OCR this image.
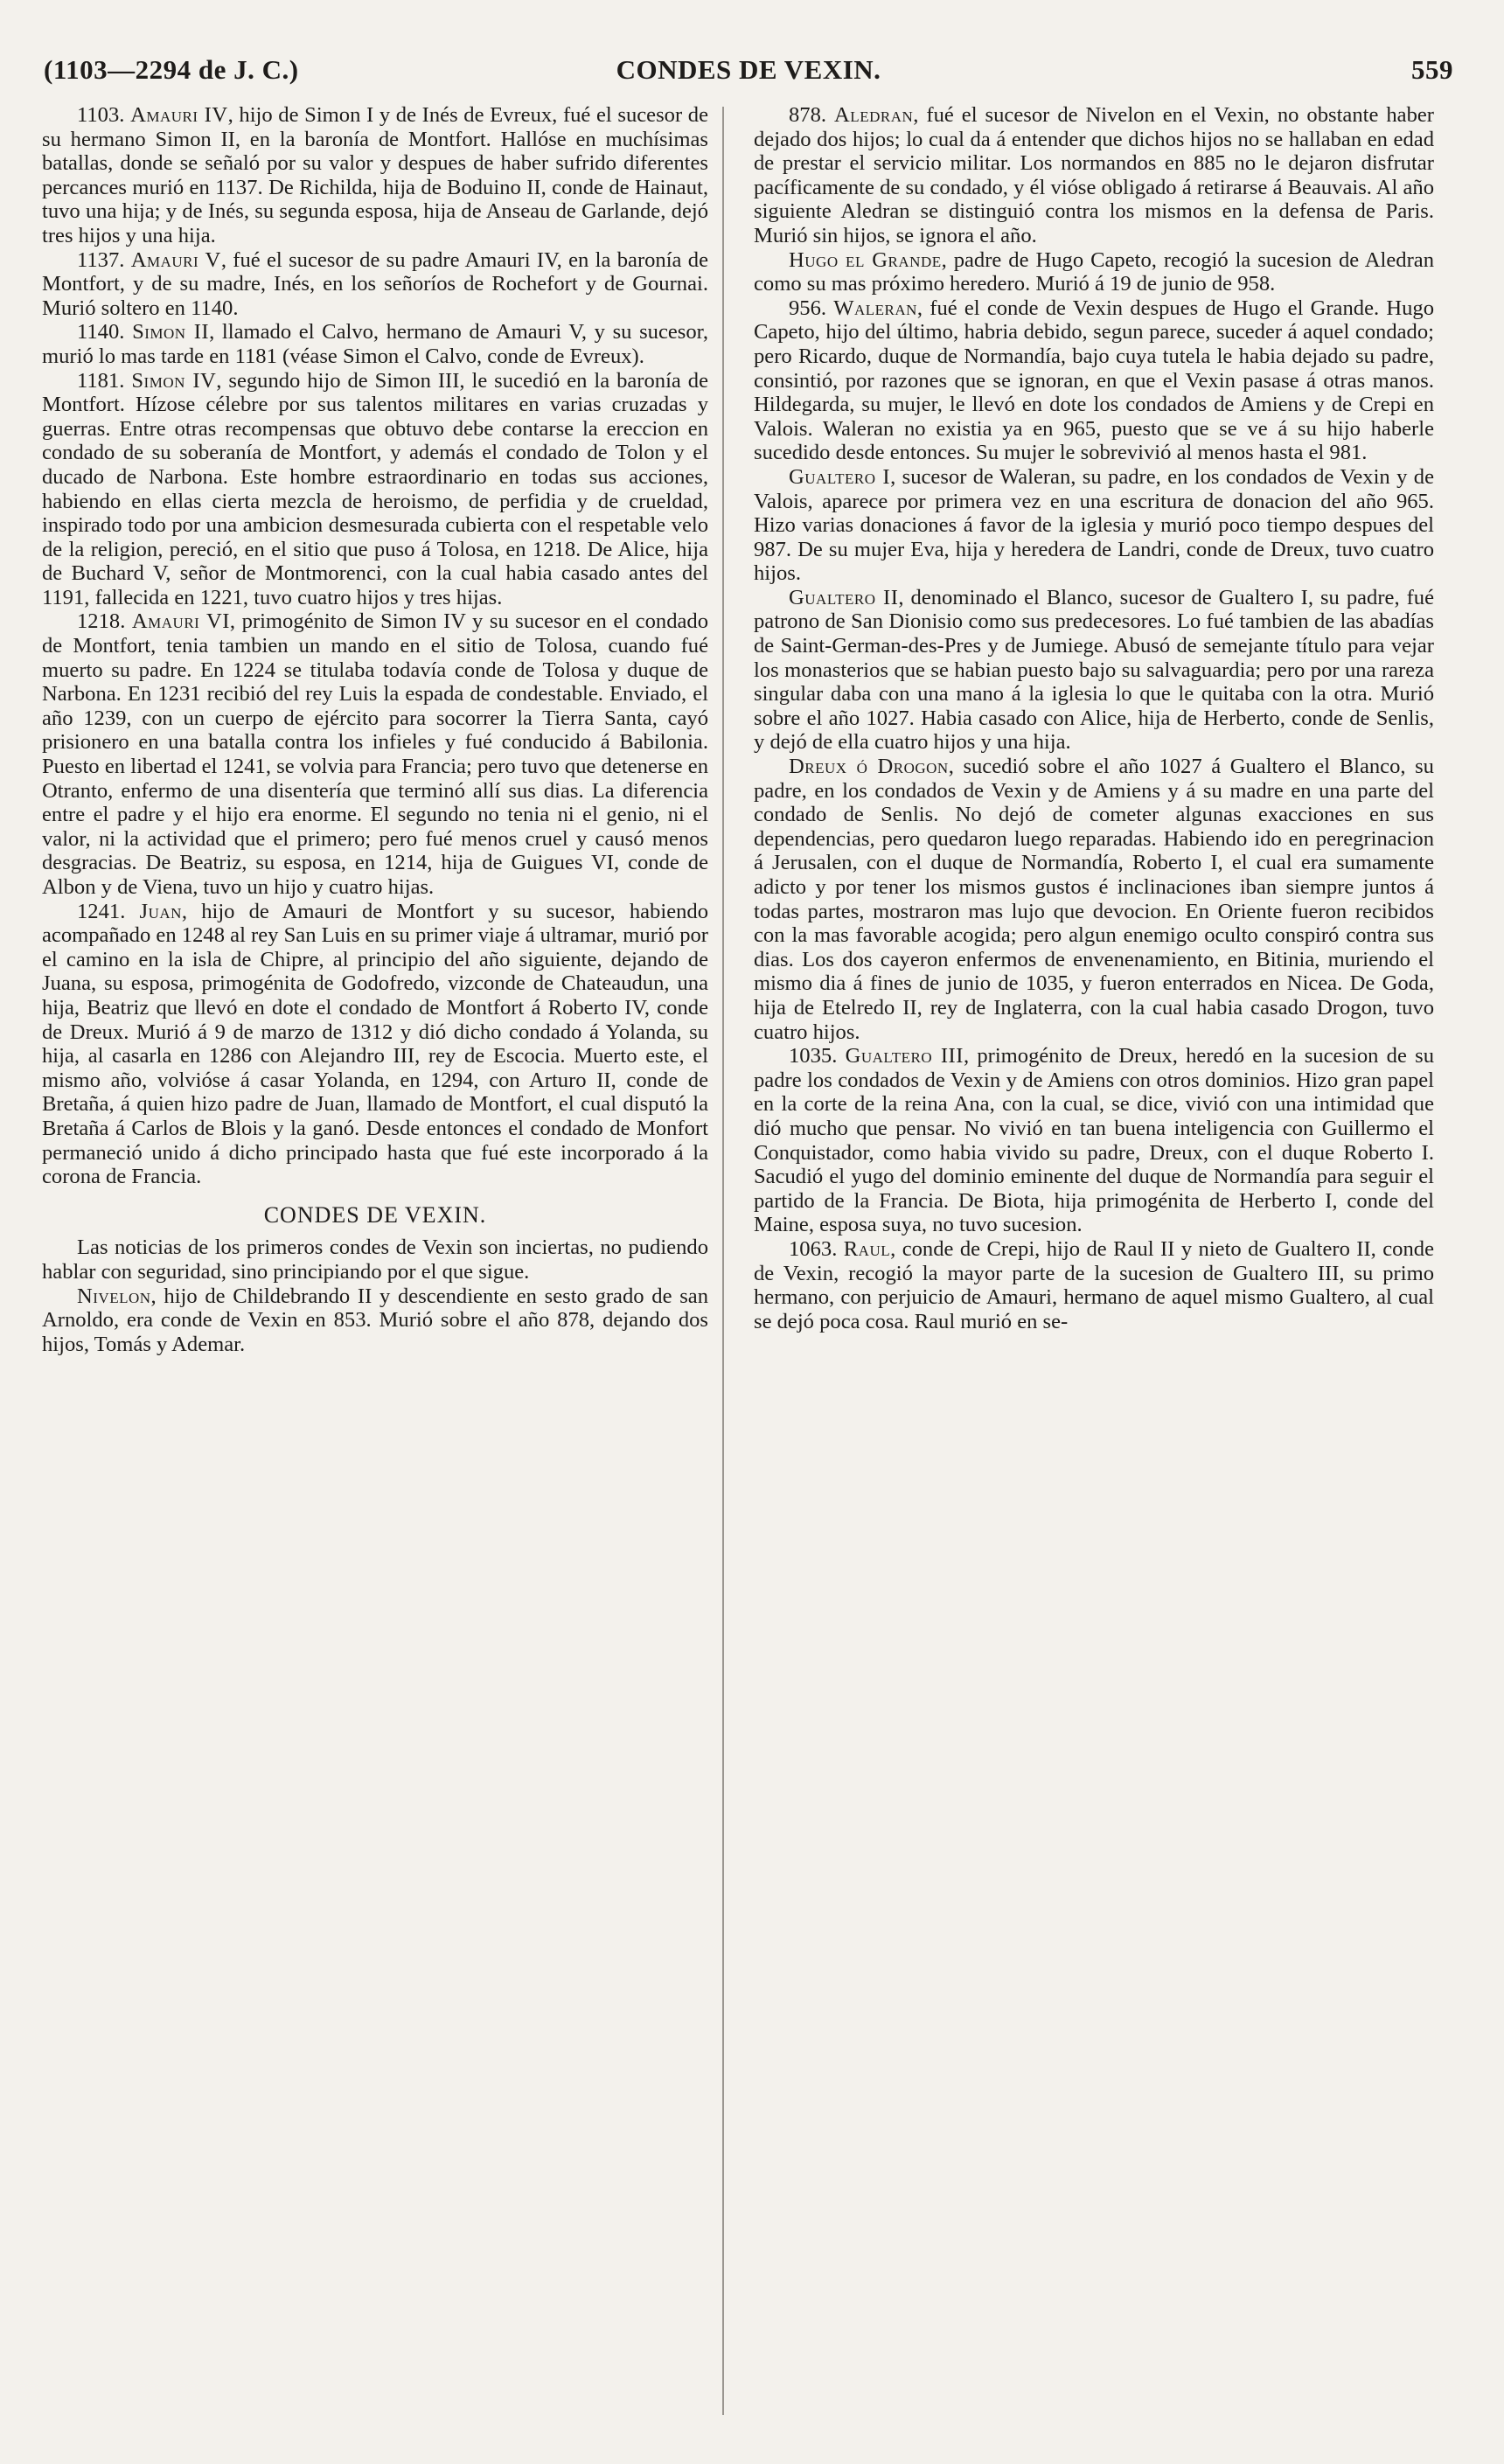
(1103—2294 de J. C.)	CONDES DE VEXIN.	559

1103. Amauri IV, hijo de Simon I y de Inés de Evreux, fué el sucesor de su hermano Simon II, en la baronía de Montfort. Hallóse en muchísimas batallas, donde se señaló por su valor y despues de haber sufrido diferentes percances murió en 1137. De Richilda, hija de Boduino II, conde de Hainaut, tuvo una hija; y de Inés, su segunda esposa, hija de Anseau de Garlande, dejó tres hijos y una hija.

1137. Amauri V, fué el sucesor de su padre Amauri IV, en la baronía de Montfort, y de su madre, Inés, en los señoríos de Rochefort y de Gournai. Murió soltero en 1140.

1140. Simon II, llamado el Calvo, hermano de Amauri V, y su sucesor, murió lo mas tarde en 1181 (véase Simon el Calvo, conde de Evreux).

1181. Simon IV, segundo hijo de Simon III, le sucedió en la baronía de Montfort. Hízose célebre por sus talentos militares en varias cruzadas y guerras. Entre otras recompensas que obtuvo debe contarse la ereccion en condado de su soberanía de Montfort, y además el condado de Tolon y el ducado de Narbona. Este hombre estraordinario en todas sus acciones, habiendo en ellas cierta mezcla de heroismo, de perfidia y de crueldad, inspirado todo por una ambicion desmesurada cubierta con el respetable velo de la religion, pereció, en el sitio que puso á Tolosa, en 1218. De Alice, hija de Buchard V, señor de Montmorenci, con la cual habia casado antes del 1191, fallecida en 1221, tuvo cuatro hijos y tres hijas.

1218. Amauri VI, primogénito de Simon IV y su sucesor en el condado de Montfort, tenia tambien un mando en el sitio de Tolosa, cuando fué muerto su padre. En 1224 se titulaba todavía conde de Tolosa y duque de Narbona. En 1231 recibió del rey Luis la espada de condestable. Enviado, el año 1239, con un cuerpo de ejército para socorrer la Tierra Santa, cayó prisionero en una batalla contra los infieles y fué conducido á Babilonia. Puesto en libertad el 1241, se volvia para Francia; pero tuvo que detenerse en Otranto, enfermo de una disentería que terminó allí sus dias. La diferencia entre el padre y el hijo era enorme. El segundo no tenia ni el genio, ni el valor, ni la actividad que el primero; pero fué menos cruel y causó menos desgracias. De Beatriz, su esposa, en 1214, hija de Guigues VI, conde de Albon y de Viena, tuvo un hijo y cuatro hijas.

1241. Juan, hijo de Amauri de Montfort y su sucesor, habiendo acompañado en 1248 al rey San Luis en su primer viaje á ultramar, murió por el camino en la isla de Chipre, al principio del año siguiente, dejando de Juana, su esposa, primogénita de Godofredo, vizconde de Chateaudun, una hija, Beatriz que llevó en dote el condado de Montfort á Roberto IV, conde de Dreux. Murió á 9 de marzo de 1312 y dió dicho condado á Yolanda, su hija, al casarla en 1286 con Alejandro III, rey de Escocia. Muerto este, el mismo año, volvióse á casar Yolanda, en 1294, con Arturo II, conde de Bretaña, á quien hizo padre de Juan, llamado de Montfort, el cual disputó la Bretaña á Carlos de Blois y la ganó. Desde entonces el condado de Monfort permaneció unido á dicho principado hasta que fué este incorporado á la corona de Francia.

CONDES DE VEXIN.

Las noticias de los primeros condes de Vexin son inciertas, no pudiendo hablar con seguridad, sino principiando por el que sigue.

Nivelon, hijo de Childebrando II y descendiente en sesto grado de san Arnoldo, era conde de Vexin en 853. Murió sobre el año 878, dejando dos hijos, Tomás y Ademar.

878. Aledran, fué el sucesor de Nivelon en el Vexin, no obstante haber dejado dos hijos; lo cual da á entender que dichos hijos no se hallaban en edad de prestar el servicio militar. Los normandos en 885 no le dejaron disfrutar pacíficamente de su condado, y él vióse obligado á retirarse á Beauvais. Al año siguiente Aledran se distinguió contra los mismos en la defensa de Paris. Murió sin hijos, se ignora el año.

Hugo el Grande, padre de Hugo Capeto, recogió la sucesion de Aledran como su mas próximo heredero. Murió á 19 de junio de 958.

956. Waleran, fué el conde de Vexin despues de Hugo el Grande. Hugo Capeto, hijo del último, habria debido, segun parece, suceder á aquel condado; pero Ricardo, duque de Normandía, bajo cuya tutela le habia dejado su padre, consintió, por razones que se ignoran, en que el Vexin pasase á otras manos. Hildegarda, su mujer, le llevó en dote los condados de Amiens y de Crepi en Valois. Waleran no existia ya en 965, puesto que se ve á su hijo haberle sucedido desde entonces. Su mujer le sobrevivió al menos hasta el 981.

Gualtero I, sucesor de Waleran, su padre, en los condados de Vexin y de Valois, aparece por primera vez en una escritura de donacion del año 965. Hizo varias donaciones á favor de la iglesia y murió poco tiempo despues del 987. De su mujer Eva, hija y heredera de Landri, conde de Dreux, tuvo cuatro hijos.

Gualtero II, denominado el Blanco, sucesor de Gualtero I, su padre, fué patrono de San Dionisio como sus predecesores. Lo fué tambien de las abadías de Saint-German-des-Pres y de Jumiege. Abusó de semejante título para vejar los monasterios que se habian puesto bajo su salvaguardia; pero por una rareza singular daba con una mano á la iglesia lo que le quitaba con la otra. Murió sobre el año 1027. Habia casado con Alice, hija de Herberto, conde de Senlis, y dejó de ella cuatro hijos y una hija.

Dreux ó Drogon, sucedió sobre el año 1027 á Gualtero el Blanco, su padre, en los condados de Vexin y de Amiens y á su madre en una parte del condado de Senlis. No dejó de cometer algunas exacciones en sus dependencias, pero quedaron luego reparadas. Habiendo ido en peregrinacion á Jerusalen, con el duque de Normandía, Roberto I, el cual era sumamente adicto y por tener los mismos gustos é inclinaciones iban siempre juntos á todas partes, mostraron mas lujo que devocion. En Oriente fueron recibidos con la mas favorable acogida; pero algun enemigo oculto conspiró contra sus dias. Los dos cayeron enfermos de envenenamiento, en Bitinia, muriendo el mismo dia á fines de junio de 1035, y fueron enterrados en Nicea. De Goda, hija de Etelredo II, rey de Inglaterra, con la cual habia casado Drogon, tuvo cuatro hijos.

1035. Gualtero III, primogénito de Dreux, heredó en la sucesion de su padre los condados de Vexin y de Amiens con otros dominios. Hizo gran papel en la corte de la reina Ana, con la cual, se dice, vivió con una intimidad que dió mucho que pensar. No vivió en tan buena inteligencia con Guillermo el Conquistador, como habia vivido su padre, Dreux, con el duque Roberto I. Sacudió el yugo del dominio eminente del duque de Normandía para seguir el partido de la Francia. De Biota, hija primogénita de Herberto I, conde del Maine, esposa suya, no tuvo sucesion.

1063. Raul, conde de Crepi, hijo de Raul II y nieto de Gualtero II, conde de Vexin, recogió la mayor parte de la sucesion de Gualtero III, su primo hermano, con perjuicio de Amauri, hermano de aquel mismo Gualtero, al cual se dejó poca cosa. Raul murió en se-
